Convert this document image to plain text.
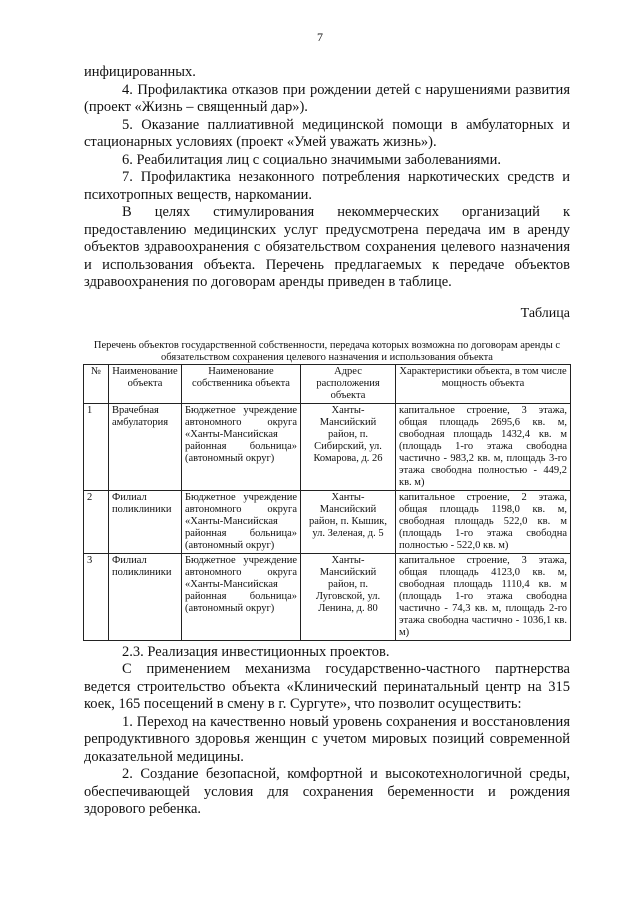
7

инфицированных.

4. Профилактика отказов при рождении детей с нарушениями развития (проект «Жизнь – священный дар»).

5. Оказание паллиативной медицинской помощи в амбулаторных и стационарных условиях (проект «Умей уважать жизнь»).

6. Реабилитация лиц с социально значимыми заболеваниями.

7. Профилактика незаконного потребления наркотических средств и психотропных веществ, наркомании.

В целях стимулирования некоммерческих организаций к предоставлению медицинских услуг предусмотрена передача им в аренду объектов здравоохранения с обязательством сохранения целевого назначения и использования объекта. Перечень предлагаемых к передаче объектов здравоохранения по договорам аренды приведен в таблице.

Таблица
Перечень объектов государственной собственности, передача которых возможна по договорам аренды с обязательством сохранения целевого назначения и использования объекта
№	Наименование объекта	Наименование собственника объекта	Адрес расположения объекта	Характеристики объекта, в том числе мощность объекта
1	Врачебная амбулатория	Бюджетное учреждение автономного округа «Ханты-Мансийская районная больница» (автономный округ)	Ханты-Мансийский район, п. Сибирский, ул. Комарова, д. 26	капитальное строение, 3 этажа, общая площадь 2695,6 кв. м, свободная площадь 1432,4 кв. м (площадь 1-го этажа свободна частично - 983,2 кв. м, площадь 3-го этажа свободна полностью - 449,2 кв. м)
2	Филиал поликлиники	Бюджетное учреждение автономного округа «Ханты-Мансийская районная больница» (автономный округ)	Ханты-Мансийский район, п. Кышик, ул. Зеленая, д. 5	капитальное строение, 2 этажа, общая площадь 1198,0 кв. м, свободная площадь 522,0 кв. м (площадь 1-го этажа свободна полностью - 522,0 кв. м)
3	Филиал поликлиники	Бюджетное учреждение автономного округа «Ханты-Мансийская районная больница» (автономный округ)	Ханты-Мансийский район, п. Луговской, ул. Ленина, д. 80	капитальное строение, 3 этажа, общая площадь 4123,0 кв. м, свободная площадь 1110,4 кв. м (площадь 1-го этажа свободна частично - 74,3 кв. м, площадь 2-го этажа свободна частично - 1036,1 кв. м)

2.3. Реализация инвестиционных проектов.

С применением механизма государственно-частного партнерства ведется строительство объекта «Клинический перинатальный центр на 315 коек, 165 посещений в смену в г. Сургуте», что позволит осуществить:

1. Переход на качественно новый уровень сохранения и восстановления репродуктивного здоровья женщин с учетом мировых позиций современной доказательной медицины.

2. Создание безопасной, комфортной и высокотехнологичной среды, обеспечивающей условия для сохранения беременности и рождения здорового ребенка.
